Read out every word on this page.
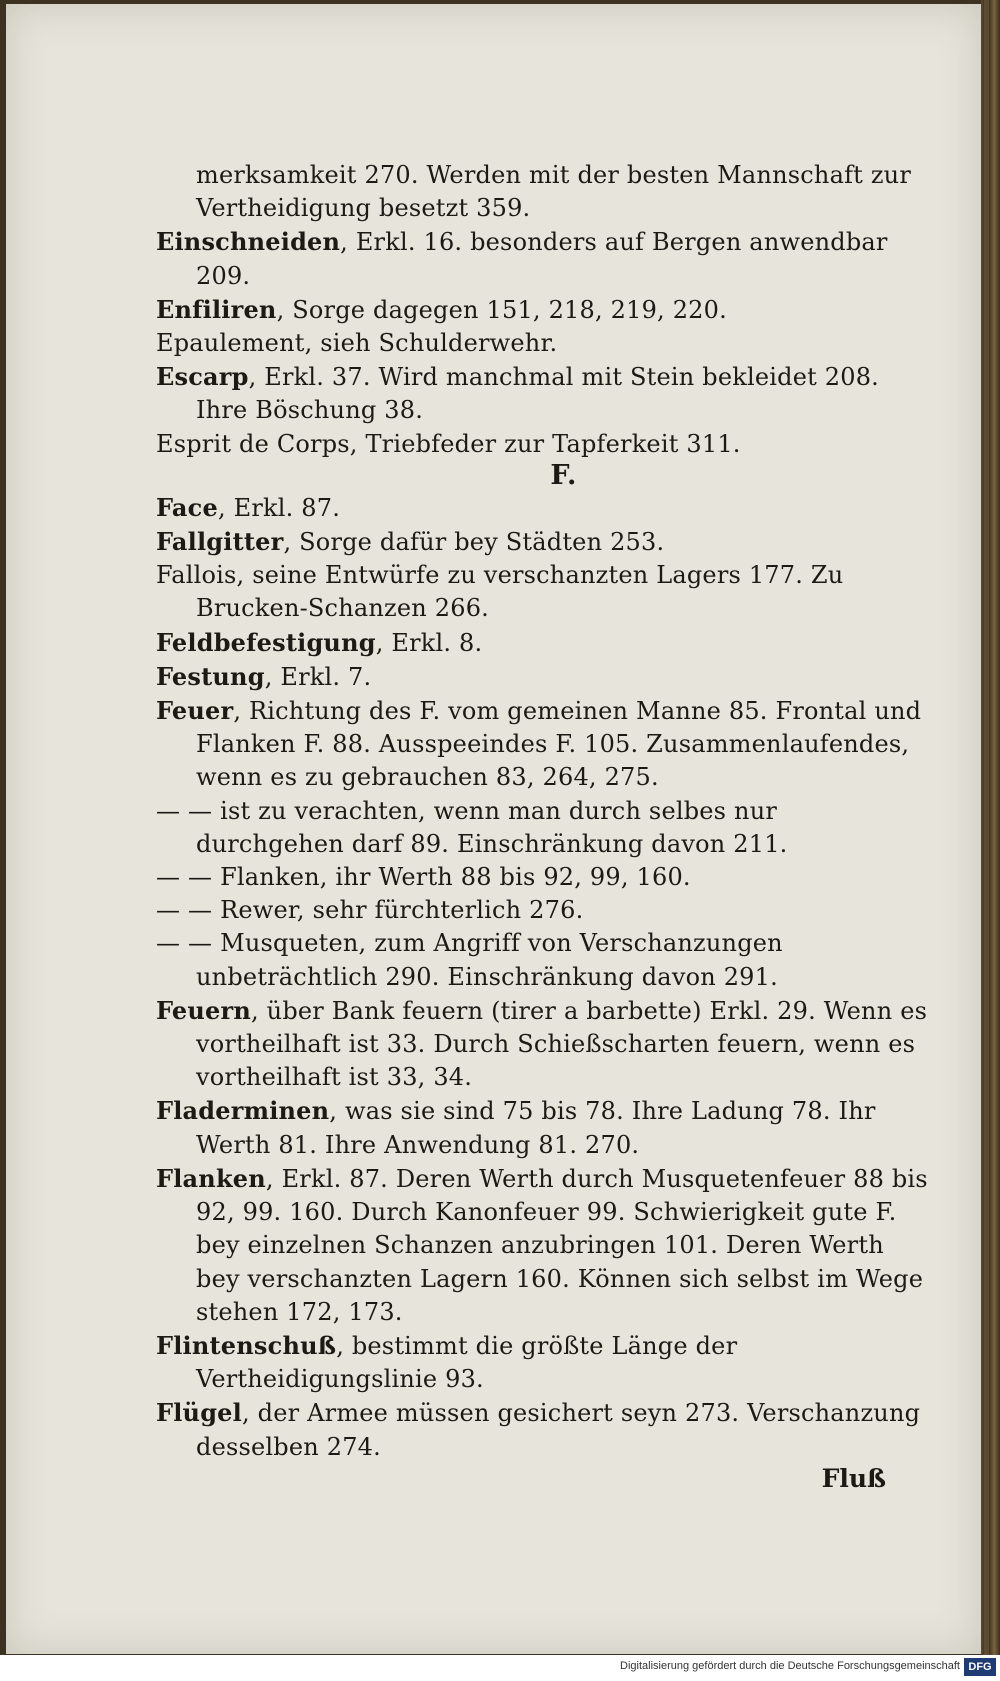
merksamkeit 270. Werden mit der besten Mannschaft zur Vertheidigung besetzt 359.

Einschneiden, Erkl. 16. besonders auf Bergen anwendbar 209.

Enfiliren, Sorge dagegen 151, 218, 219, 220.

Epaulement, sieh Schulderwehr.

Escarp, Erkl. 37. Wird manchmal mit Stein bekleidet 208. Ihre Böschung 38.

Esprit de Corps, Triebfeder zur Tapferkeit 311.

F.

Face, Erkl. 87.

Fallgitter, Sorge dafür bey Städten 253.

Fallois, seine Entwürfe zu verschanzten Lagers 177. Zu Brucken-Schanzen 266.

Feldbefestigung, Erkl. 8.

Festung, Erkl. 7.

Feuer, Richtung des F. vom gemeinen Manne 85. Frontal und Flanken F. 88. Ausspeeindes F. 105. Zusammenlaufendes, wenn es zu gebrauchen 83, 264, 275.

— — ist zu verachten, wenn man durch selbes nur durchgehen darf 89. Einschränkung davon 211.

— — Flanken, ihr Werth 88 bis 92, 99, 160.

— — Rewer, sehr fürchterlich 276.

— — Musqueten, zum Angriff von Verschanzungen unbeträchtlich 290. Einschränkung davon 291.

Feuern, über Bank feuern (tirer a barbette) Erkl. 29. Wenn es vortheilhaft ist 33. Durch Schießscharten feuern, wenn es vortheilhaft ist 33, 34.

Fladerminen, was sie sind 75 bis 78. Ihre Ladung 78. Ihr Werth 81. Ihre Anwendung 81. 270.

Flanken, Erkl. 87. Deren Werth durch Musquetenfeuer 88 bis 92, 99. 160. Durch Kanonfeuer 99. Schwierigkeit gute F. bey einzelnen Schanzen anzubringen 101. Deren Werth bey verschanzten Lagern 160. Können sich selbst im Wege stehen 172, 173.

Flintenschuß, bestimmt die größte Länge der Vertheidigungslinie 93.

Flügel, der Armee müssen gesichert seyn 273. Verschanzung desselben 274.

Fluß
Digitalisierung gefördert durch die Deutsche Forschungsgemeinschaft DFG
